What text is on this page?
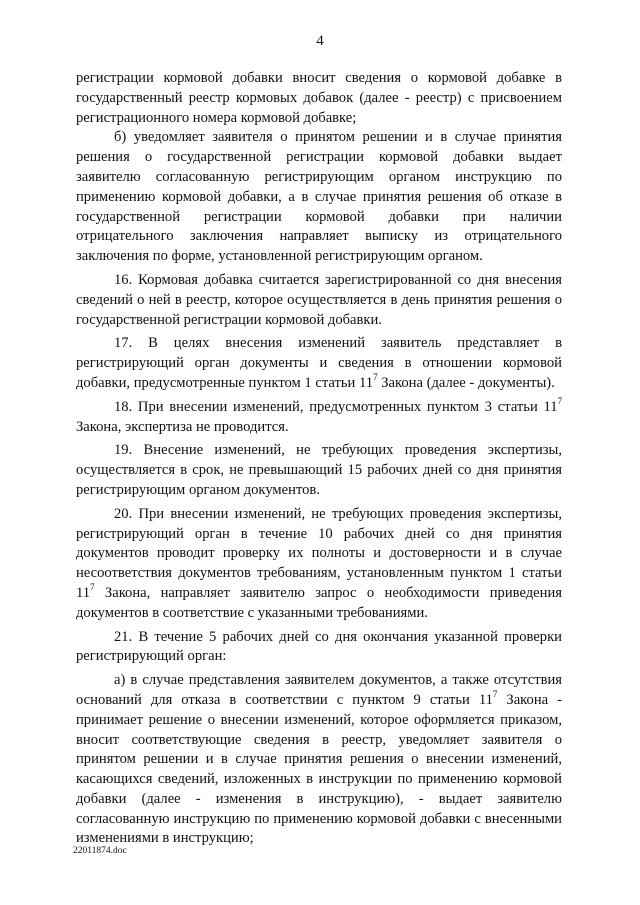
4

регистрации кормовой добавки вносит сведения о кормовой добавке в государственный реестр кормовых добавок (далее - реестр) с присвоением регистрационного номера кормовой добавке;

б) уведомляет заявителя о принятом решении и в случае принятия решения о государственной регистрации кормовой добавки выдает заявителю согласованную регистрирующим органом инструкцию по применению кормовой добавки, а в случае принятия решения об отказе в государственной регистрации кормовой добавки при наличии отрицательного заключения направляет выписку из отрицательного заключения по форме, установленной регистрирующим органом.

16. Кормовая добавка считается зарегистрированной со дня внесения сведений о ней в реестр, которое осуществляется в день принятия решения о государственной регистрации кормовой добавки.

17. В целях внесения изменений заявитель представляет в регистрирующий орган документы и сведения в отношении кормовой добавки, предусмотренные пунктом 1 статьи $11^7$ Закона (далее - документы).

18. При внесении изменений, предусмотренных пунктом 3 статьи $11^7$ Закона, экспертиза не проводится.

19. Внесение изменений, не требующих проведения экспертизы, осуществляется в срок, не превышающий 15 рабочих дней со дня принятия регистрирующим органом документов.

20. При внесении изменений, не требующих проведения экспертизы, регистрирующий орган в течение 10 рабочих дней со дня принятия документов проводит проверку их полноты и достоверности и в случае несоответствия документов требованиям, установленным пунктом 1 статьи $11^7$ Закона, направляет заявителю запрос о необходимости приведения документов в соответствие с указанными требованиями.

21. В течение 5 рабочих дней со дня окончания указанной проверки регистрирующий орган:

а) в случае представления заявителем документов, а также отсутствия оснований для отказа в соответствии с пунктом 9 статьи $11^7$ Закона - принимает решение о внесении изменений, которое оформляется приказом, вносит соответствующие сведения в реестр, уведомляет заявителя о принятом решении и в случае принятия решения о внесении изменений, касающихся сведений, изложенных в инструкции по применению кормовой добавки (далее - изменения в инструкцию), - выдает заявителю согласованную инструкцию по применению кормовой добавки с внесенными изменениями в инструкцию;

22011874.doc
